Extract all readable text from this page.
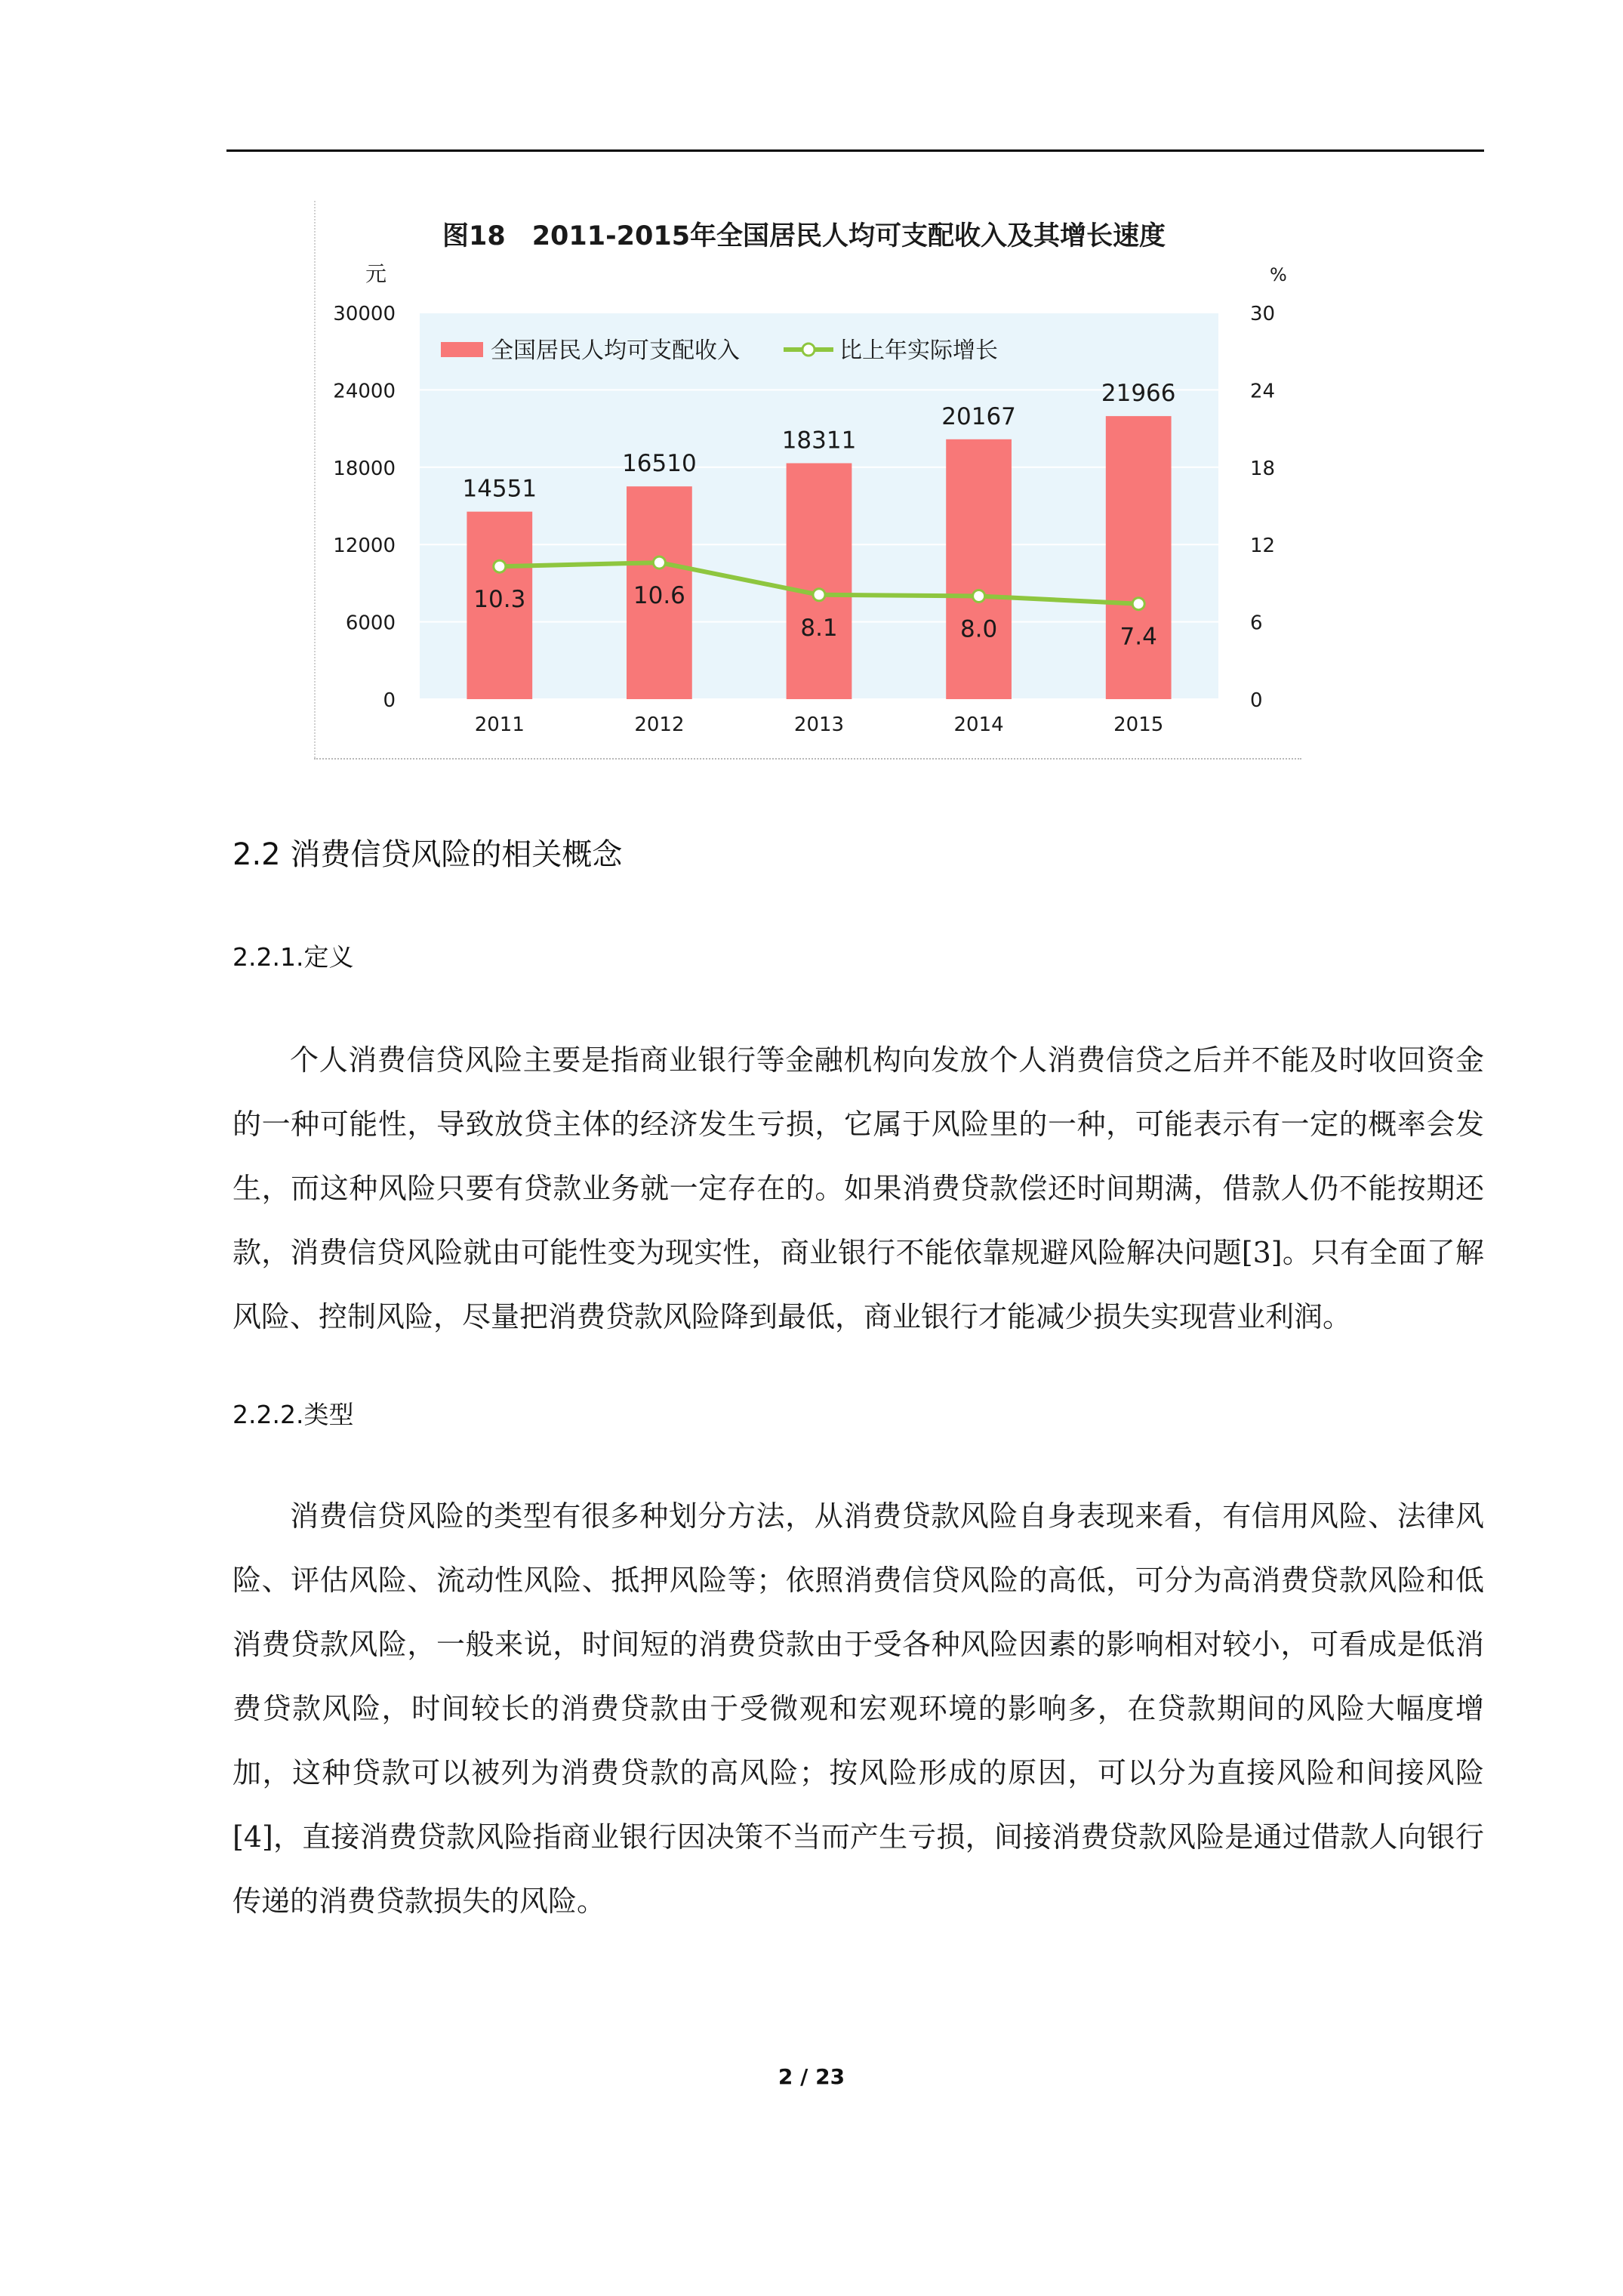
14551
16510
18311
20167
21966
10.3	10.6
8.1	8.0	7.4
0
6000
12000
18000
24000
30000
0
6
12
18
24
30
2011	2012	2013	2014	2015
全国居民人均可支配收入	比上年实际增长
图18　2011-2015年全国居民人均可支配收入及其增长速度
元	%
2.2 消费信贷风险的相关概念
2.2.1.定义

个人消费信贷风险主要是指商业银行等金融机构向发放个人消费信贷之后并不能及时收回资金的一种可能性，导致放贷主体的经济发生亏损，它属于风险里的一种，可能表示有一定的概率会发生，而这种风险只要有贷款业务就一定存在的。如果消费贷款偿还时间期满，借款人仍不能按期还款，消费信贷风险就由可能性变为现实性，商业银行不能依靠规避风险解决问题[3]。只有全面了解风险、控制风险，尽量把消费贷款风险降到最低，商业银行才能减少损失实现营业利润。

2.2.2.类型

消费信贷风险的类型有很多种划分方法，从消费贷款风险自身表现来看，有信用风险、法律风险、评估风险、流动性风险、抵押风险等；依照消费信贷风险的高低，可分为高消费贷款风险和低消费贷款风险，一般来说，时间短的消费贷款由于受各种风险因素的影响相对较小，可看成是低消费贷款风险，时间较长的消费贷款由于受微观和宏观环境的影响多，在贷款期间的风险大幅度增加，这种贷款可以被列为消费贷款的高风险；按风险形成的原因，可以分为直接风险和间接风险[4]，直接消费贷款风险指商业银行因决策不当而产生亏损，间接消费贷款风险是通过借款人向银行传递的消费贷款损失的风险。

2 / 23
